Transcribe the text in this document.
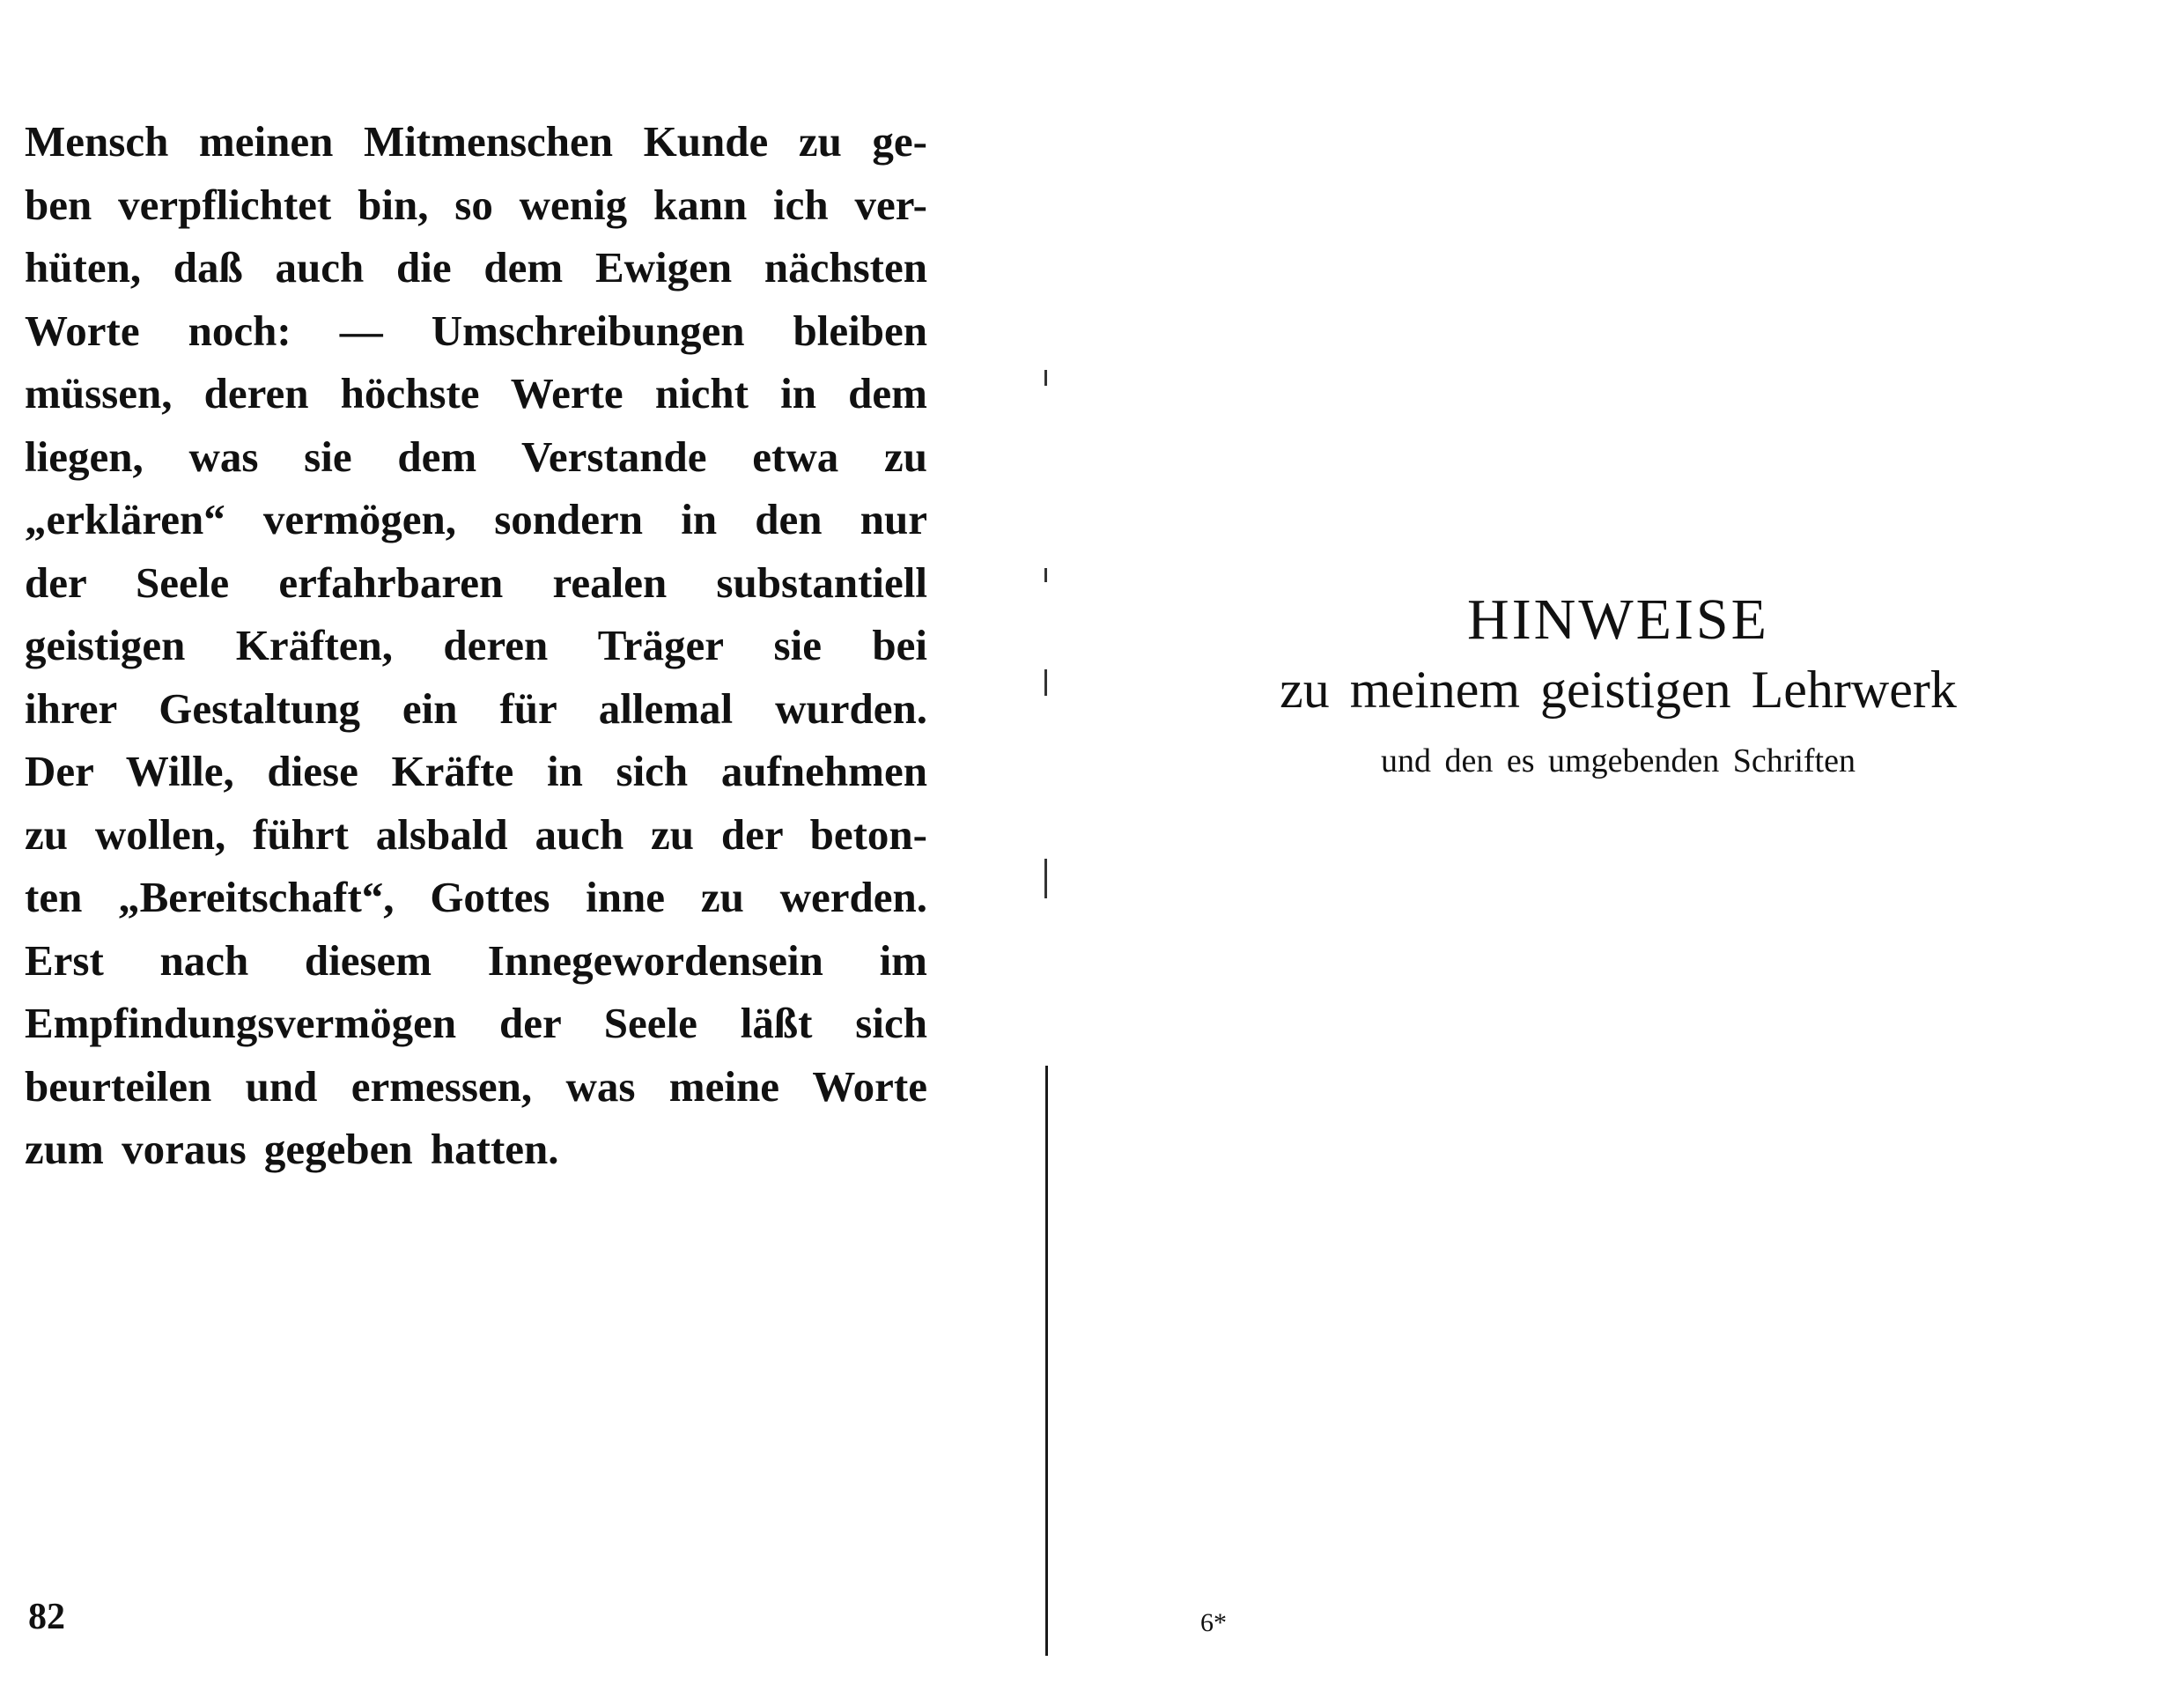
Mensch meinen Mitmenschen Kunde zu ge-
ben verpflichtet bin, so wenig kann ich ver-
hüten, daß auch die dem Ewigen nächsten
Worte noch: — Umschreibungen bleiben
müssen, deren höchste Werte nicht in dem
liegen, was sie dem Verstande etwa zu
„erklären“ vermögen, sondern in den nur
der Seele erfahrbaren realen substantiell
geistigen Kräften, deren Träger sie bei
ihrer Gestaltung ein für allemal wurden.
Der Wille, diese Kräfte in sich aufnehmen
zu wollen, führt alsbald auch zu der beton-
ten „Bereitschaft“, Gottes inne zu werden.
Erst nach diesem Innegewordensein im
Empfindungsvermögen der Seele läßt sich
beurteilen und ermessen, was meine Worte
zum voraus gegeben hatten.
82
HINWEISE
zu meinem geistigen Lehrwerk
und den es umgebenden Schriften
6*
